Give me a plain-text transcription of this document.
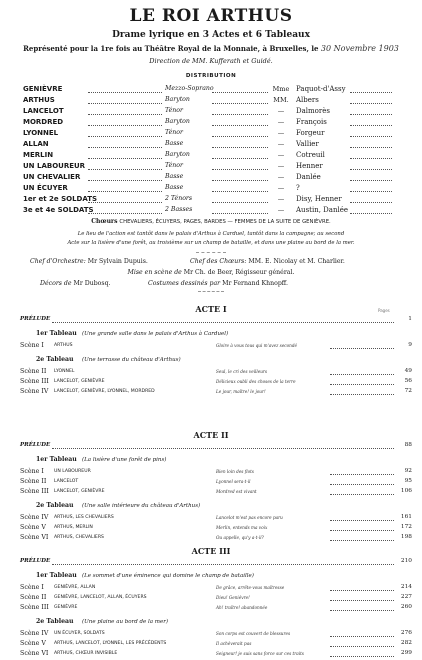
LE ROI ARTHUS
Drame lyrique en 3 Actes et 6 Tableaux
Représenté pour la 1re fois au Théâtre Royal de la Monnaie, à Bruxelles, le 30 Novembre 1903
Direction de MM. Kufferath et Guidé.
DISTRIBUTION
Chœurs CHEVALIERS, ÉCUYERS, PAGES, BARDES — FEMMES DE LA SUITE DE GENIÈVRE.
Le lieu de l'action est tantôt dans le palais d'Arthus à Carduel, tantôt dans la campagne; au second
Acte sur la lisière d'une forêt, au troisième sur un champ de bataille, et dans une plaine au bord de la mer.
Chef d'Orchestre: Mr Sylvain Dupuis.	Chef des Chœurs: MM. E. Nicolay et M. Charlier.
Mise en scène de Mr Ch. de Beer, Régisseur général.
Décors de Mr Dubosq.	Costumes dessinés par Mr Fernand Khnopff.
GENIÈVRE	Mezzo-Soprano	Mme Paquot-d'Assy
ARTHUS	Baryton	MM.	Albers
LANCELOT	Ténor	—	Dalmorès
MORDRED	Baryton	—	François
LYONNEL	Ténor	—	Forgeur
ALLAN	Basse	—	Vallier
MERLIN	Baryton	—	Cotreuil
UN LABOUREUR	Ténor	—	Henner
UN CHEVALIER	Basse	—	Danlée
UN ÉCUYER	Basse	—	?
1er et 2e SOLDATS	2 Ténors	—	Disy, Henner
3e et 4e SOLDATS	2 Basses	—	Austin, Danlée
Pages
ACTE I
PRÉLUDE	1
1er Tableau (Une grande salle dans le palais d'Arthus à Carduel)
Scène I ARTHUS	Gloire à vous tous qui m'avez secondé	9
2e Tableau (Une terrasse du château d'Arthus)
Scène II LYONNEL	Seul, le cri des veilleurs	49
Scène III LANCELOT, GENIÈVRE	Délicieux oubli des choses de la terre	56
Scène IV LANCELOT, GENIÈVRE, LYONNEL, MORDRED	Le jour, maître! le jour!	72
ACTE II
PRÉLUDE	88
1er Tableau (La lisière d'une forêt de pins)
Scène I UN LABOUREUR	Bien loin des flots	92
Scène II LANCELOT	Lyonnel sera-t-il	95
Scène III LANCELOT, GENIÈVRE	Mordred est vivant	106
2e Tableau (Une salle intérieure du château d'Arthus)
Scène IV ARTHUS, LES CHEVALIERS	Lancelot m'est pas encore paru	161
Scène V ARTHUS, MERLIN	Merlin, entends ma voix	172
Scène VI ARTHUS, CHEVALIERS	Ou appelle, qu'y a-t-il?	198
ACTE III
PRÉLUDE	210
1er Tableau (Le sommet d'une éminence qui domine le champ de bataille)
Scène I GENIÈVRE, ALLAN	De grâce, arrête-vous maîtresse	214
Scène II GENIÈVRE, LANCELOT, ALLAN, ÉCUYERS	Dieu! Geniévre!	227
Scène III GENIÈVRE	Ah! traître! abandonnée	260
2e Tableau (Une plaine au bord de la mer)
Scène IV UN ÉCUYER, SOLDATS	Son corps est couvert de blessures	276
Scène V ARTHUS, LANCELOT, LYONNEL, LES PRÉCÉDENTS	Il achèverait pas	282
Scène VI ARTHUS, CHŒUR INVISIBLE	Seigneur! je suis sans force sur ces traits	299
